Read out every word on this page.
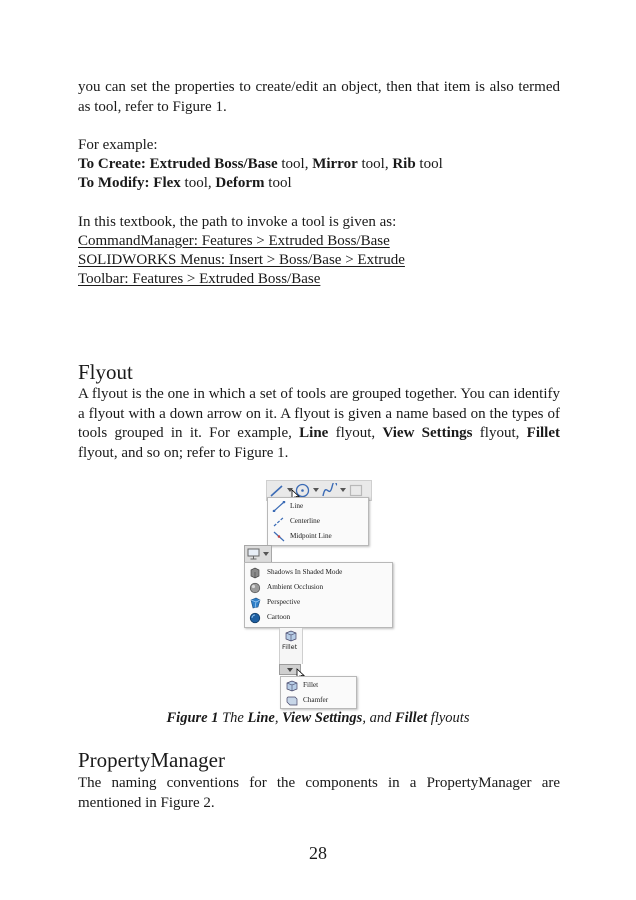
you can set the properties to create/edit an object, then that item is also termed as tool, refer to Figure 1.

For example:
To Create: Extruded Boss/Base tool, Mirror tool, Rib tool
To Modify: Flex tool, Deform tool
In this textbook, the path to invoke a tool is given as:
CommandManager: Features > Extruded Boss/Base
SOLIDWORKS Menus: Insert > Boss/Base > Extrude
Toolbar: Features > Extruded Boss/Base
Flyout

A flyout is the one in which a set of tools are grouped together. You can identify a flyout with a down arrow on it. A flyout is given a name based on the types of tools grouped in it. For example, Line flyout, View Settings flyout, Fillet flyout, and so on; refer to Figure 1.

Line
Centerline
Midpoint Line
Shadows In Shaded Mode
Ambient Occlusion
Perspective
Cartoon
Fillet
Fillet
Chamfer
Figure 1 The Line, View Settings, and Fillet flyouts
PropertyManager

The naming conventions for the components in a PropertyManager are mentioned in Figure 2.

28
